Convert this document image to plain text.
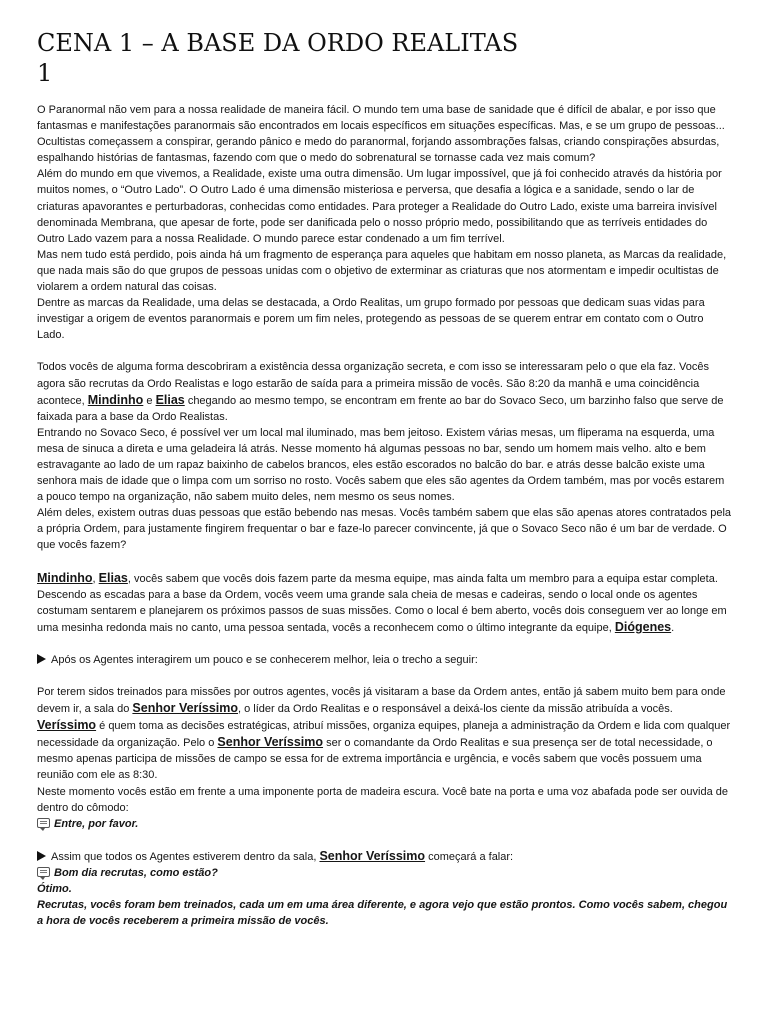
CENA 1 – A BASE DA ORDO REALITAS
1

O Paranormal não vem para a nossa realidade de maneira fácil. O mundo tem uma base de sanidade que é difícil de abalar, e por isso que fantasmas e manifestações paranormais são encontrados em locais específicos em situações específicas. Mas, e se um grupo de pessoas... Ocultistas começassem a conspirar, gerando pânico e medo do paranormal, forjando assombrações falsas, criando conspirações absurdas, espalhando histórias de fantasmas, fazendo com que o medo do sobrenatural se tornasse cada vez mais comum?

Além do mundo em que vivemos, a Realidade, existe uma outra dimensão. Um lugar impossível, que já foi conhecido através da história por muitos nomes, o “Outro Lado”. O Outro Lado é uma dimensão misteriosa e perversa, que desafia a lógica e a sanidade, sendo o lar de criaturas apavorantes e perturbadoras, conhecidas como entidades. Para proteger a Realidade do Outro Lado, existe uma barreira invisível denominada Membrana, que apesar de forte, pode ser danificada pelo o nosso próprio medo, possibilitando que as terríveis entidades do Outro Lado vazem para a nossa Realidade. O mundo parece estar condenado a um fim terrível.

Mas nem tudo está perdido, pois ainda há um fragmento de esperança para aqueles que habitam em nosso planeta, as Marcas da realidade, que nada mais são do que grupos de pessoas unidas com o objetivo de exterminar as criaturas que nos atormentam e impedir ocultistas de violarem a ordem natural das coisas.

Dentre as marcas da Realidade, uma delas se destacada, a Ordo Realitas, um grupo formado por pessoas que dedicam suas vidas para investigar a origem de eventos paranormais e porem um fim neles, protegendo as pessoas de se querem entrar em contato com o Outro Lado.

Todos vocês de alguma forma descobriram a existência dessa organização secreta, e com isso se interessaram pelo o que ela faz. Vocês agora são recrutas da Ordo Realistas e logo estarão de saída para a primeira missão de vocês. São 8:20 da manhã e uma coincidência acontece, Mindinho e Elias chegando ao mesmo tempo, se encontram em frente ao bar do Sovaco Seco, um barzinho falso que serve de faixada para a base da Ordo Realistas.

Entrando no Sovaco Seco, é possível ver um local mal iluminado, mas bem jeitoso. Existem várias mesas, um fliperama na esquerda, uma mesa de sinuca a direta e uma geladeira lá atrás. Nesse momento há algumas pessoas no bar, sendo um homem mais velho. alto e bem estravagante ao lado de um rapaz baixinho de cabelos brancos, eles estão escorados no balcão do bar. e atrás desse balcão existe uma senhora mais de idade que o limpa com um sorriso no rosto. Vocês sabem que eles são agentes da Ordem também, mas por vocês estarem a pouco tempo na organização, não sabem muito deles, nem mesmo os seus nomes.

Além deles, existem outras duas pessoas que estão bebendo nas mesas. Vocês também sabem que elas são apenas atores contratados pela a própria Ordem, para justamente fingirem frequentar o bar e faze-lo parecer convincente, já que o Sovaco Seco não é um bar de verdade. O que vocês fazem?

Mindinho, Elias, vocês sabem que vocês dois fazem parte da mesma equipe, mas ainda falta um membro para a equipa estar completa. Descendo as escadas para a base da Ordem, vocês veem uma grande sala cheia de mesas e cadeiras, sendo o local onde os agentes costumam sentarem e planejarem os próximos passos de suas missões. Como o local é bem aberto, vocês dois conseguem ver ao longe em uma mesinha redonda mais no canto, uma pessoa sentada, vocês a reconhecem como o último integrante da equipe, Diógenes.

Após os Agentes interagirem um pouco e se conhecerem melhor, leia o trecho a seguir:

Por terem sidos treinados para missões por outros agentes, vocês já visitaram a base da Ordem antes, então já sabem muito bem para onde devem ir, a sala do Senhor Veríssimo, o líder da Ordo Realitas e o responsável a deixá-los ciente da missão atribuída a vocês. Veríssimo é quem toma as decisões estratégicas, atribuí missões, organiza equipes, planeja a administração da Ordem e lida com qualquer necessidade da organização. Pelo o Senhor Veríssimo ser o comandante da Ordo Realitas e sua presença ser de total necessidade, o mesmo apenas participa de missões de campo se essa for de extrema importância e urgência, e vocês sabem que vocês possuem uma reunião com ele as 8:30.

Neste momento vocês estão em frente a uma imponente porta de madeira escura. Você bate na porta e uma voz abafada pode ser ouvida de dentro do cômodo:

Entre, por favor.

Assim que todos os Agentes estiverem dentro da sala, Senhor Veríssimo começará a falar:

Bom dia recrutas, como estão?

Ótimo.

Recrutas, vocês foram bem treinados, cada um em uma área diferente, e agora vejo que estão prontos. Como vocês sabem, chegou a hora de vocês receberem a primeira missão de vocês.
